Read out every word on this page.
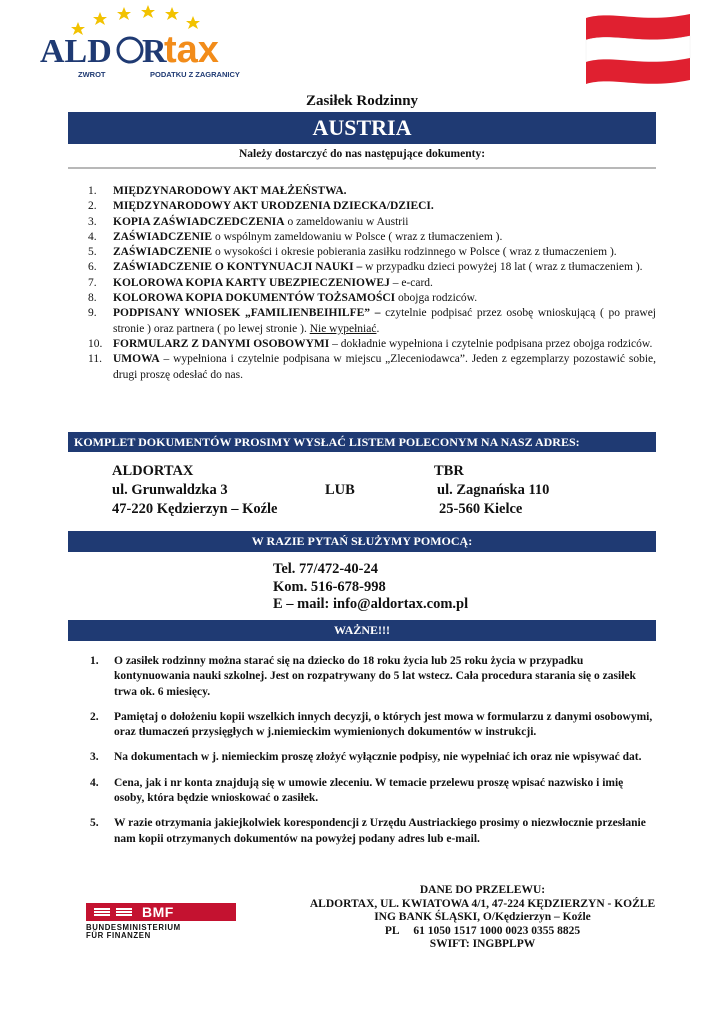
ALD R
tax
ZWROT	PODATKU Z ZAGRANICY
Zasiłek Rodzinny
AUSTRIA
Należy dostarczyć do nas następujące dokumenty:
1. MIĘDZYNARODOWY AKT MAŁŻEŃSTWA.
2. MIĘDZYNARODOWY AKT URODZENIA DZIECKA/DZIECI.
3. KOPIA ZAŚWIADCZEDCZENIA o zameldowaniu w Austrii
4. ZAŚWIADCZENIE o wspólnym zameldowaniu w Polsce ( wraz z tłumaczeniem ).
5. ZAŚWIADCZENIE o wysokości i okresie pobierania zasiłku rodzinnego w Polsce ( wraz z tłumaczeniem ).
6. ZAŚWIADCZENIE O KONTYNUACJI NAUKI – w przypadku dzieci powyżej 18 lat ( wraz z tłumaczeniem ).
7. KOLOROWA KOPIA KARTY UBEZPIECZENIOWEJ – e-card.
8. KOLOROWA KOPIA DOKUMENTÓW TOŻSAMOŚCI obojga rodziców.
9. PODPISANY WNIOSEK „FAMILIENBEIHILFE” – czytelnie podpisać przez osobę wnioskującą ( po prawej stronie ) oraz partnera ( po lewej stronie ). Nie wypełniać.
10. FORMULARZ Z DANYMI OSOBOWYMI – dokładnie wypełniona i czytelnie podpisana przez obojga rodziców.
11. UMOWA – wypełniona i czytelnie podpisana w miejscu „Zleceniodawca”. Jeden z egzemplarzy pozostawić sobie, drugi proszę odesłać do nas.
KOMPLET DOKUMENTÓW PROSIMY WYSŁAĆ LISTEM POLECONYM NA NASZ ADRES:
ALDORTAX	TBR
ul. Grunwaldzka 3	LUB	ul. Zagnańska 110
47-220 Kędzierzyn – Koźle	25-560 Kielce
W RAZIE PYTAŃ SŁUŻYMY POMOCĄ:
Tel. 77/472-40-24
Kom. 516-678-998
E – mail: info@aldortax.com.pl
WAŻNE!!!
1. O zasiłek rodzinny można starać się na dziecko do 18 roku życia lub 25 roku życia w przypadku kontynuowania nauki szkolnej. Jest on rozpatrywany do 5 lat wstecz. Cała procedura starania się o zasiłek trwa ok. 6 miesięcy.
2. Pamiętaj o dołożeniu kopii wszelkich innych decyzji, o których jest mowa w formularzu z danymi osobowymi, oraz tłumaczeń przysięgłych w j.niemieckim wymienionych dokumentów w instrukcji.
3. Na dokumentach w j. niemieckim proszę złożyć wyłącznie podpisy, nie wypełniać ich oraz nie wpisywać dat.
4. Cena, jak i nr konta znajdują się w umowie zleceniu. W temacie przelewu proszę wpisać nazwisko i imię osoby, która będzie wnioskować o zasiłek.
5. W razie otrzymania jakiejkolwiek korespondencji z Urzędu Austriackiego prosimy o niezwłocznie przesłanie nam kopii otrzymanych dokumentów na powyżej podany adres lub e-mail.
BMF
BUNDESMINISTERIUM
FÜR FINANZEN
DANE DO PRZELEWU:
ALDORTAX, UL. KWIATOWA 4/1, 47-224 KĘDZIERZYN - KOŹLE
ING BANK ŚLĄSKI, O/Kędzierzyn – Koźle
PL     61 1050 1517 1000 0023 0355 8825
SWIFT: INGBPLPW
